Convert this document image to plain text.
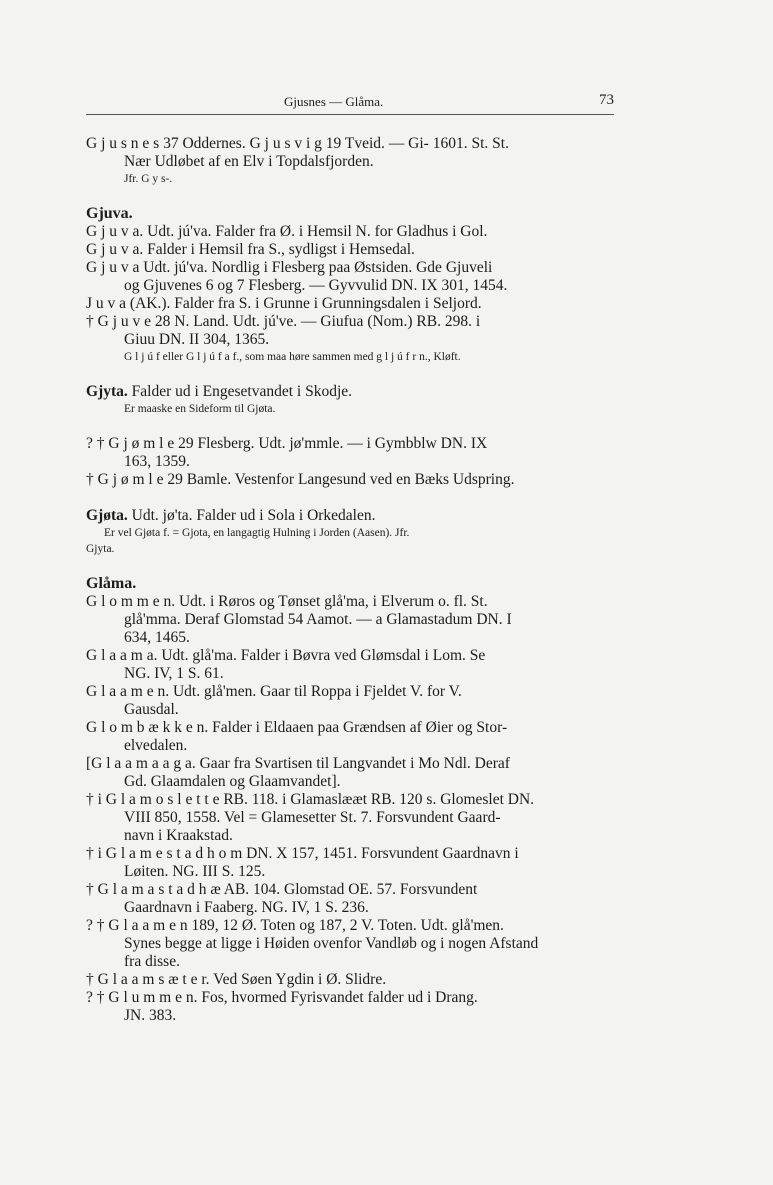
Gjusnes — Glåma.	73
G j u s n e s 37 Oddernes. G j u s v i g 19 Tveid. — Gi- 1601. St. St.
Nær Udløbet af en Elv i Topdalsfjorden.
Jfr. G y s-.
Gjuva.
G j u v a. Udt. jú'va. Falder fra Ø. i Hemsil N. for Gladhus i Gol.
G j u v a. Falder i Hemsil fra S., sydligst i Hemsedal.
G j u v a Udt. jú'va. Nordlig i Flesberg paa Østsiden. Gde Gjuveli
og Gjuvenes 6 og 7 Flesberg. — Gyvvulid DN. IX 301, 1454.
J u v a (AK.). Falder fra S. i Grunne i Grunningsdalen i Seljord.
† G j u v e 28 N. Land. Udt. jú've. — Giufua (Nom.) RB. 298. i
Giuu DN. II 304, 1365.
G l j ú f eller G l j ú f a f., som maa høre sammen med g l j ú f r n., Kløft.
Gjyta. Falder ud i Engesetvandet i Skodje.
Er maaske en Sideform til Gjøta.
? † G j ø m l e 29 Flesberg. Udt. jø'mmle. — i Gymbblw DN. IX
163, 1359.
† G j ø m l e 29 Bamle. Vestenfor Langesund ved en Bæks Udspring.
Gjøta. Udt. jø'ta. Falder ud i Sola i Orkedalen.
Er vel Gjøta f. = Gjota, en langagtig Hulning i Jorden (Aasen). Jfr.
Gjyta.
Glåma.
G l o m m e n. Udt. i Røros og Tønset glå'ma, i Elverum o. fl. St.
glå'mma. Deraf Glomstad 54 Aamot. — a Glamastadum DN. I
634, 1465.
G l a a m a. Udt. glå'ma. Falder i Bøvra ved Glømsdal i Lom. Se
NG. IV, 1 S. 61.
G l a a m e n. Udt. glå'men. Gaar til Roppa i Fjeldet V. for V.
Gausdal.
G l o m b æ k k e n. Falder i Eldaaen paa Grændsen af Øier og Stor-
elvedalen.
[G l a a m a a g a. Gaar fra Svartisen til Langvandet i Mo Ndl. Deraf
Gd. Glaamdalen og Glaamvandet].
† i G l a m o s l e t t e RB. 118. i Glamaslææt RB. 120 s. Glomeslet DN.
VIII 850, 1558. Vel = Glamesetter St. 7. Forsvundent Gaard-
navn i Kraakstad.
† i G l a m e s t a d h o m DN. X 157, 1451. Forsvundent Gaardnavn i
Løiten. NG. III S. 125.
† G l a m a s t a d h æ AB. 104. Glomstad OE. 57. Forsvundent
Gaardnavn i Faaberg. NG. IV, 1 S. 236.
? † G l a a m e n 189, 12 Ø. Toten og 187, 2 V. Toten. Udt. glå'men.
Synes begge at ligge i Høiden ovenfor Vandløb og i nogen Afstand
fra disse.
† G l a a m s æ t e r. Ved Søen Ygdin i Ø. Slidre.
? † G l u m m e n. Fos, hvormed Fyrisvandet falder ud i Drang.
JN. 383.
